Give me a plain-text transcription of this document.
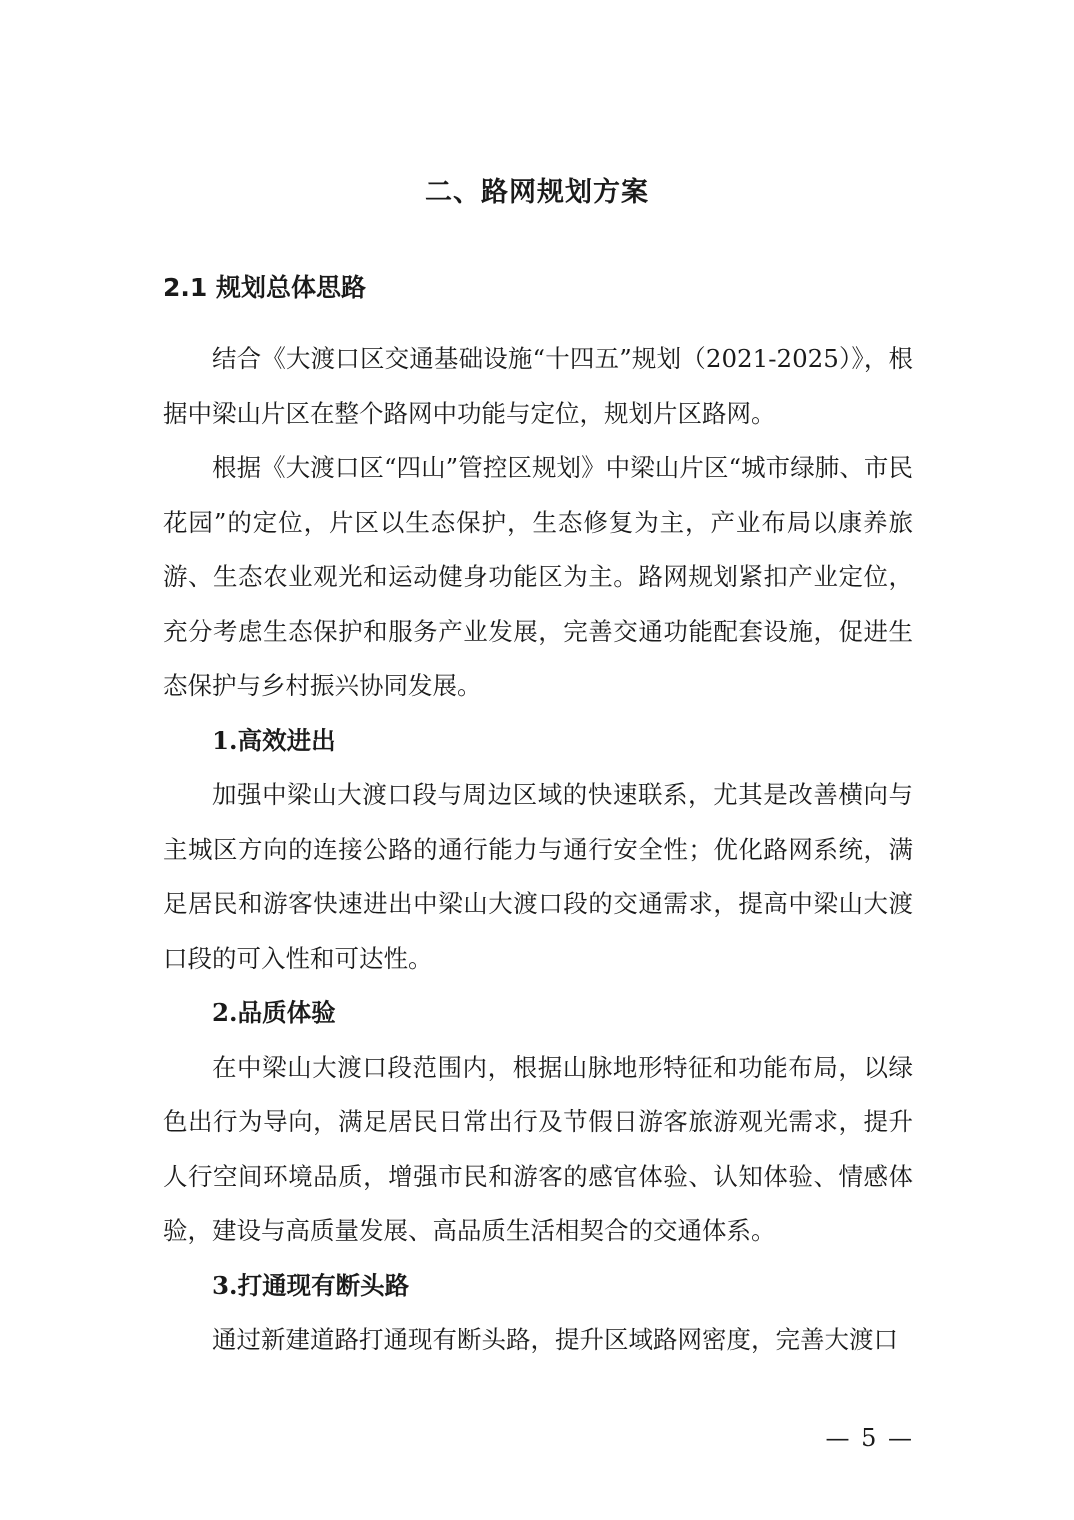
二、路网规划方案
2.1 规划总体思路

结合《大渡口区交通基础设施“十四五”规划（2021-2025）》，根据中梁山片区在整个路网中功能与定位，规划片区路网。

根据《大渡口区“四山”管控区规划》中梁山片区“城市绿肺、市民花园”的定位，片区以生态保护，生态修复为主，产业布局以康养旅游、生态农业观光和运动健身功能区为主。路网规划紧扣产业定位，充分考虑生态保护和服务产业发展，完善交通功能配套设施，促进生态保护与乡村振兴协同发展。

1.高效进出

加强中梁山大渡口段与周边区域的快速联系，尤其是改善横向与主城区方向的连接公路的通行能力与通行安全性；优化路网系统，满足居民和游客快速进出中梁山大渡口段的交通需求，提高中梁山大渡口段的可入性和可达性。

2.品质体验

在中梁山大渡口段范围内，根据山脉地形特征和功能布局，以绿色出行为导向，满足居民日常出行及节假日游客旅游观光需求，提升人行空间环境品质，增强市民和游客的感官体验、认知体验、情感体验，建设与高质量发展、高品质生活相契合的交通体系。

3.打通现有断头路

通过新建道路打通现有断头路，提升区域路网密度，完善大渡口

— 5 —
